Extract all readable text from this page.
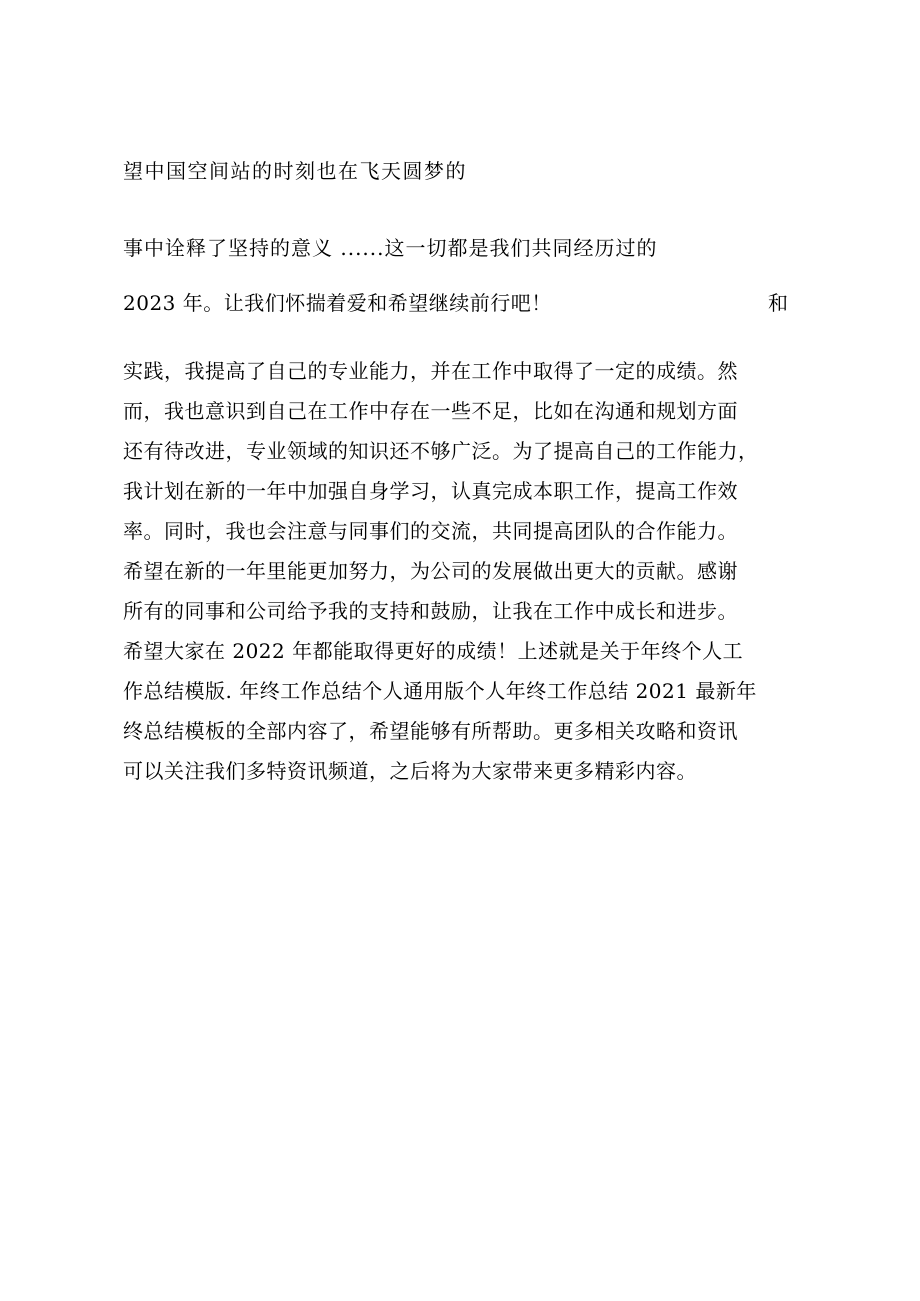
望中国空间站的时刻也在飞天圆梦的
事中诠释了坚持的意义 ......这一切都是我们共同经历过的
2023 年。让我们怀揣着爱和希望继续前行吧！	和
实践，我提高了自己的专业能力，并在工作中取得了一定的成绩。然
而，我也意识到自己在工作中存在一些不足，比如在沟通和规划方面
还有待改进，专业领域的知识还不够广泛。为了提高自己的工作能力，
我计划在新的一年中加强自身学习，认真完成本职工作，提高工作效
率。同时，我也会注意与同事们的交流，共同提高团队的合作能力。
希望在新的一年里能更加努力，为公司的发展做出更大的贡献。感谢
所有的同事和公司给予我的支持和鼓励，让我在工作中成长和进步。
希望大家在 2022 年都能取得更好的成绩！上述就是关于年终个人工
作总结模版. 年终工作总结个人通用版个人年终工作总结 2021 最新年
终总结模板的全部内容了，希望能够有所帮助。更多相关攻略和资讯
可以关注我们多特资讯频道，之后将为大家带来更多精彩内容。
